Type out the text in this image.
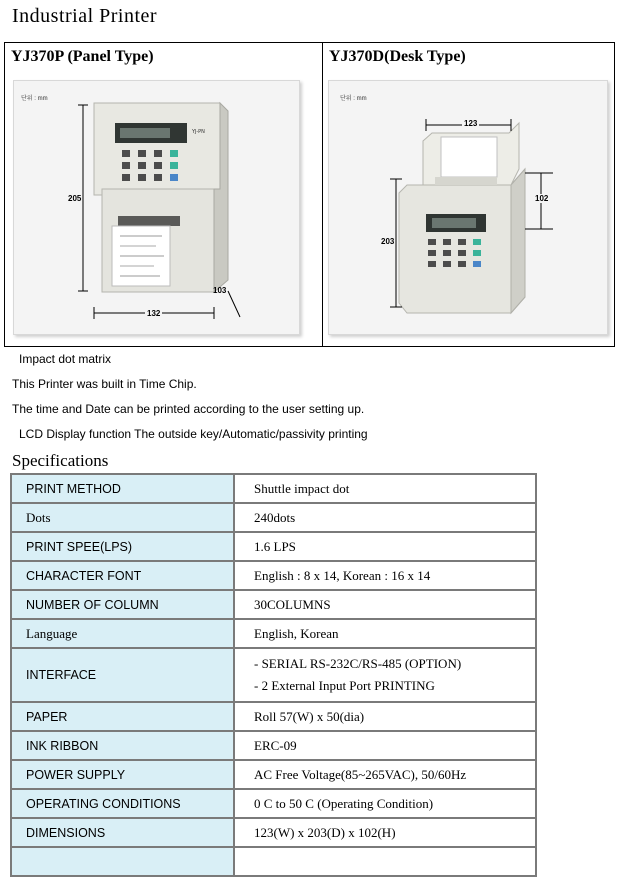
Industrial Printer
YJ370P (Panel Type)
단위 : mm
YJ-PN
205
132
103
YJ370D(Desk Type)
단위 : mm
123
203
102
Impact dot matrix
This Printer was built in Time Chip.
The time and Date can be printed according to the user setting up.
LCD Display function The outside key/Automatic/passivity printing
Specifications
PRINT METHOD	Shuttle impact dot
Dots	240dots
PRINT SPEE(LPS)	1.6 LPS
CHARACTER FONT	English : 8 x 14, Korean : 16 x 14
NUMBER OF COLUMN	30COLUMNS
Language	English, Korean
INTERFACE	- SERIAL RS-232C/RS-485 (OPTION)
- 2 External Input Port PRINTING

PAPER	Roll 57(W) x 50(dia)
INK RIBBON	ERC-09
POWER SUPPLY	AC Free Voltage(85~265VAC), 50/60Hz
OPERATING CONDITIONS	0 C to 50 C (Operating Condition)
DIMENSIONS	123(W) x 203(D) x 102(H)
